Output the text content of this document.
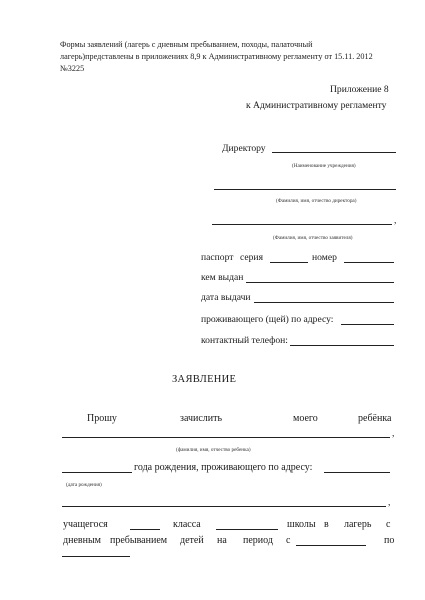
Формы заявлений (лагерь с дневным пребыванием, походы, палаточный
лагерь)представлены в приложениях 8,9 к Административному регламенту от 15.11. 2012
№3225
Приложение 8
к Административному регламенту
Директору
(Наименование учреждения)
(Фамилия, имя, отчество директора)
,
(Фамилия, имя, отчество заявителя)
паспорт серия	номер
кем выдан
дата выдачи
проживающего (щей) по адресу:
контактный телефон:
ЗАЯВЛЕНИЕ
Прошу	зачислить	моего	ребёнка
,
(фамилия, имя, отчество ребенка)
года рождения, проживающего по адресу:
(дата рождения)
,
учащегося	класса	школы в лагерь с
дневным пребыванием детей на период с	по
